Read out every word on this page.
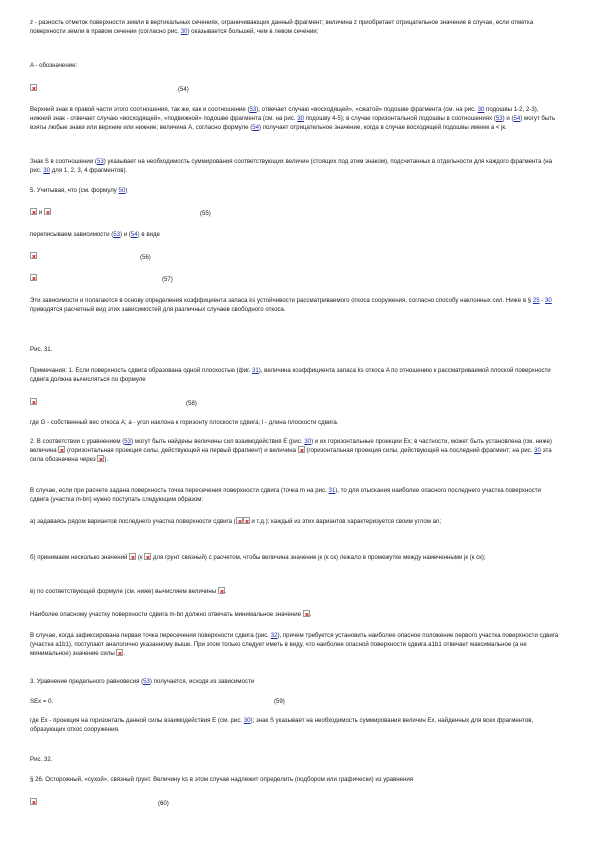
z - разность отметок поверхности земли в вертикальных сечениях, ограничивающих данный фрагмент; величина z приобретает отрицательное значение в случае, если отметка поверхности земли в правом сечении (согласно рис. 30) оказывается большей, чем в левом сечении;

A - обозначение:

(54)

Верхний знак в правой части этого соотношения, так же, как и соотношение (53), отвечает случаю «восходящей», «сжатой» подошве фрагмента (см. на рис. 30 подошвы 1-2, 2-3), нижний знак - отвечает случаю «восходящей», «подвижной» подошве фрагмента (см. на рис. 30 подошву 4-5); в случае горизонтальной подошвы в соотношениях (53) и (54) могут быть взяты любые знаки или верхние или нижние; величина A, согласно формуле (54) получает отрицательное значение, когда в случае восходящей подошвы имеем a < jк.

Знак S в соотношении (53) указывает на необходимость суммирования соответствующих величин (стоящих под этим знаком), подсчитанных в отдельности для каждого фрагмента (на рис. 30 для 1, 2, 3, 4 фрагментов).

5. Учитывая, что (см. формулу 50)

и	(55)

переписываем зависимости (53) и (54) в виде

(56)
(57)

Эти зависимости и полагаются в основу определения коэффициента запаса ks устойчивости рассматриваемого откоса сооружения, согласно способу наклонных сил. Ниже в § 25 - 30 приводятся расчетный вид этих зависимостей для различных случаев свободного откоса.

Рис. 31.

Примечания: 1. Если поверхность сдвига образована одной плоскостью (фиг. 31), величина коэффициента запаса ks откоса A по отношению к рассматриваемой плоской поверхности сдвига должна вычисляться по формуле

(58)

где G - собственный вес откоса A; a - угол наклона к горизонту плоскости сдвига; l - длина плоскости сдвига.

2. В соответствии с уравнением (53) могут быть найдены величины сил взаимодействия E (рис. 30) и их горизонтальные проекции Ex; в частности, может быть установлена (см. ниже) величина  (горизонтальная проекция силы, действующей на первый фрагмент) и величина  (горизонтальная проекция силы, действующей на последний фрагмент; на рис. 30 эта сила обозначена через ).

В случае, если при расчете задана поверхность точка пересечения поверхности сдвига (точка m на рис. 31), то для отыскания наиболее опасного последнего участка поверхности сдвига (участка m-bn) нужно поступать следующим образом:

а) задаваясь рядом вариантов последнего участка поверхности сдвига ( и т.д.); каждый из этих вариантов характеризуется своим углом an;

б) принимаем несколько значений  (к  для грунт связный) с расчетом, чтобы величина значение jк (к ск) лежало в промежутке между намеченными jк (к ск);

в) по соответствующей формуле (см. ниже) вычисляем величины .

Наиболее опасному участку поверхности сдвига m-bn должно отвечать минимальное значение .

В случае, когда зафиксирована первая точка пересечения поверхности сдвига (рис. 32), причем требуется установить наиболее опасное положение первого участка поверхности сдвига (участка a1b1), поступают аналогично указанному выше. При этом только следует иметь в виду, что наиболее опасной поверхности сдвига a1b1 отвечает максимальное (а не минимальное) значение силы .

3. Уравнение предельного равновесия (53) получается, исходя из зависимости

SEx = 0.	(59)

где Ex - проекция на горизонталь данной силы взаимодействия E (см. рис. 30); знак S указывает на необходимость суммирования величин Ex, найденных для всех фрагментов, образующих откос сооружения.

Рис. 32.

§ 26. Осторожный, «сухой», связный грунт. Величину ks в этом случае надлежит определить (подбором или графически) из уравнения

(60)
